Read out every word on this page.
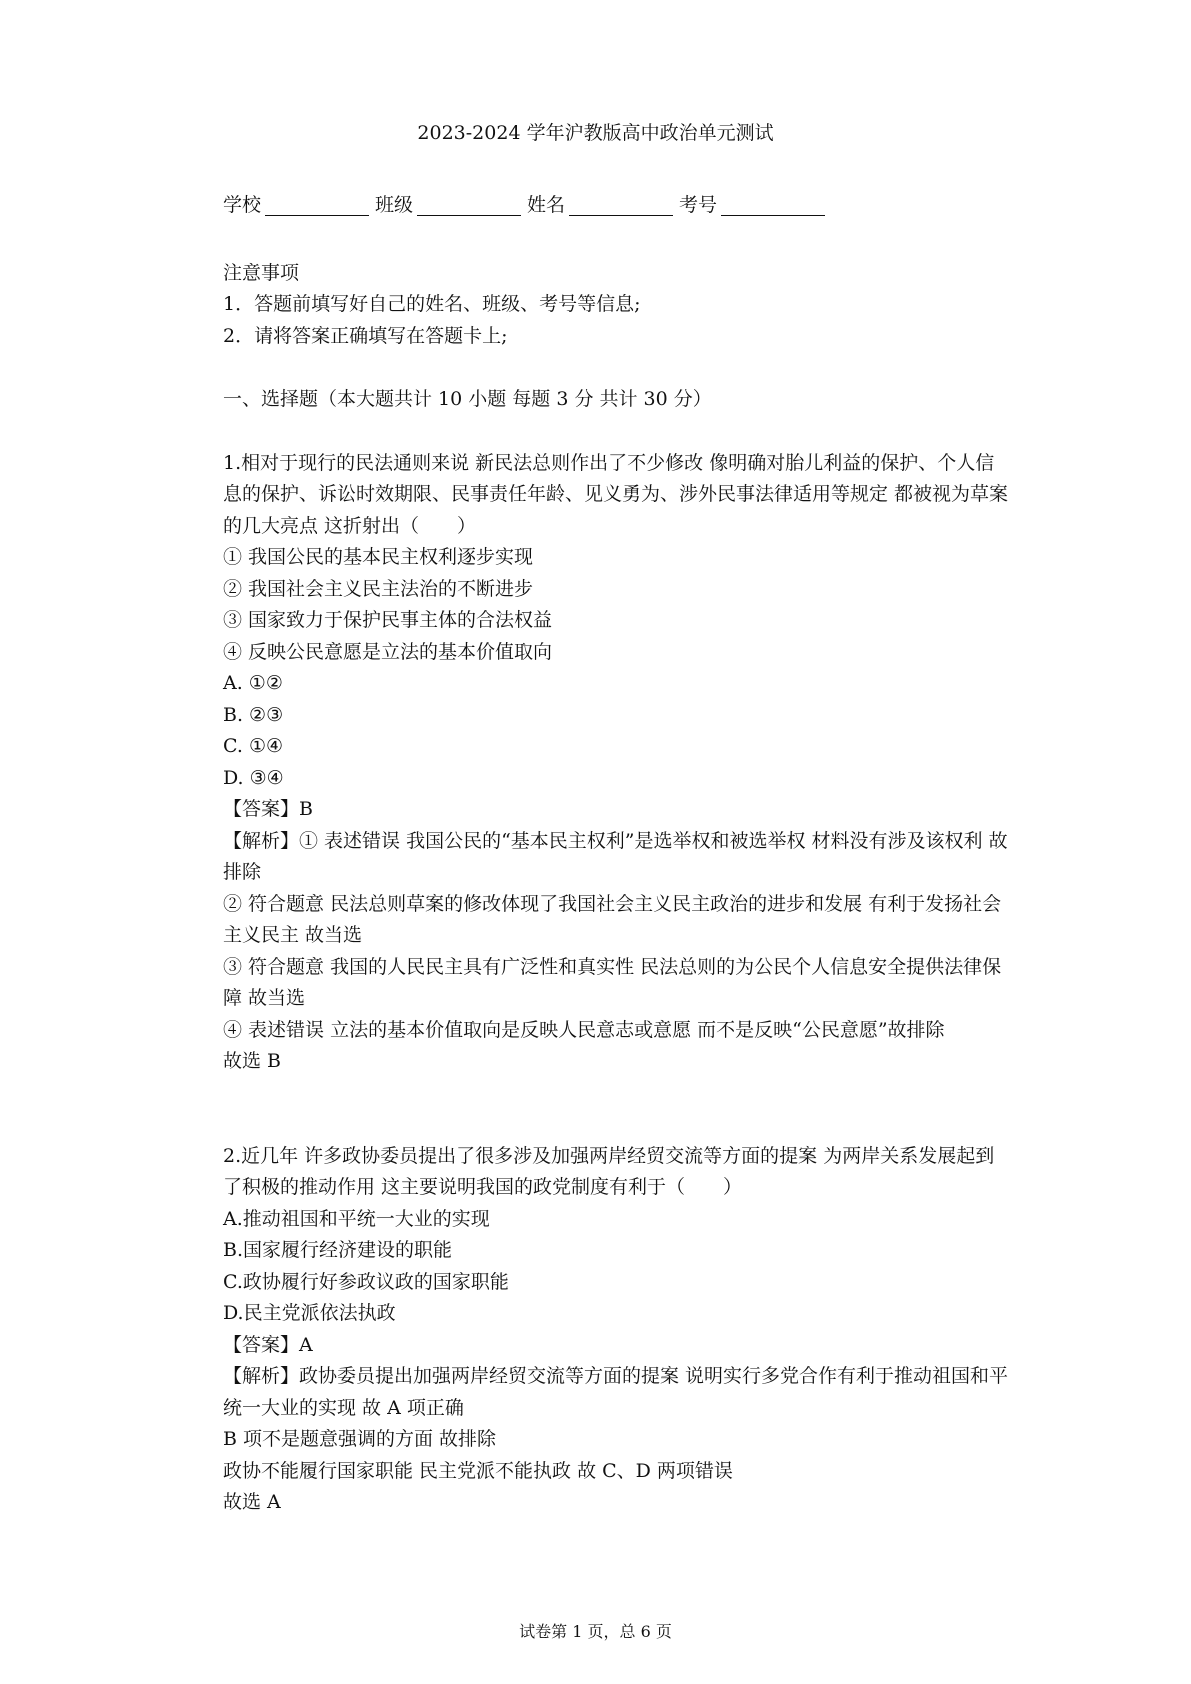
2023-2024 学年沪教版高中政治单元测试

学校	班级	姓名	考号

注意事项

1．答题前填写好自己的姓名、班级、考号等信息;

2．请将答案正确填写在答题卡上;

一、选择题（本大题共计 10 小题 每题 3 分 共计 30 分）

1.相对于现行的民法通则来说 新民法总则作出了不少修改 像明确对胎儿利益的保护、个人信息的保护、诉讼时效期限、民事责任年龄、见义勇为、涉外民事法律适用等规定 都被视为草案的几大亮点 这折射出（　　）

① 我国公民的基本民主权利逐步实现

② 我国社会主义民主法治的不断进步

③ 国家致力于保护民事主体的合法权益

④ 反映公民意愿是立法的基本价值取向

A. ①②

B. ②③

C. ①④

D. ③④

【答案】B

【解析】① 表述错误 我国公民的“基本民主权利”是选举权和被选举权 材料没有涉及该权利 故排除

② 符合题意 民法总则草案的修改体现了我国社会主义民主政治的进步和发展 有利于发扬社会主义民主 故当选

③ 符合题意 我国的人民民主具有广泛性和真实性 民法总则的为公民个人信息安全提供法律保障 故当选

④ 表述错误 立法的基本价值取向是反映人民意志或意愿 而不是反映“公民意愿”故排除

故选 B

2.近几年 许多政协委员提出了很多涉及加强两岸经贸交流等方面的提案 为两岸关系发展起到了积极的推动作用 这主要说明我国的政党制度有利于（　　）

A.推动祖国和平统一大业的实现

B.国家履行经济建设的职能

C.政协履行好参政议政的国家职能

D.民主党派依法执政

【答案】A

【解析】政协委员提出加强两岸经贸交流等方面的提案 说明实行多党合作有利于推动祖国和平统一大业的实现 故 A 项正确

B 项不是题意强调的方面 故排除

政协不能履行国家职能 民主党派不能执政 故 C、D 两项错误

故选 A

试卷第 1 页，总 6 页
